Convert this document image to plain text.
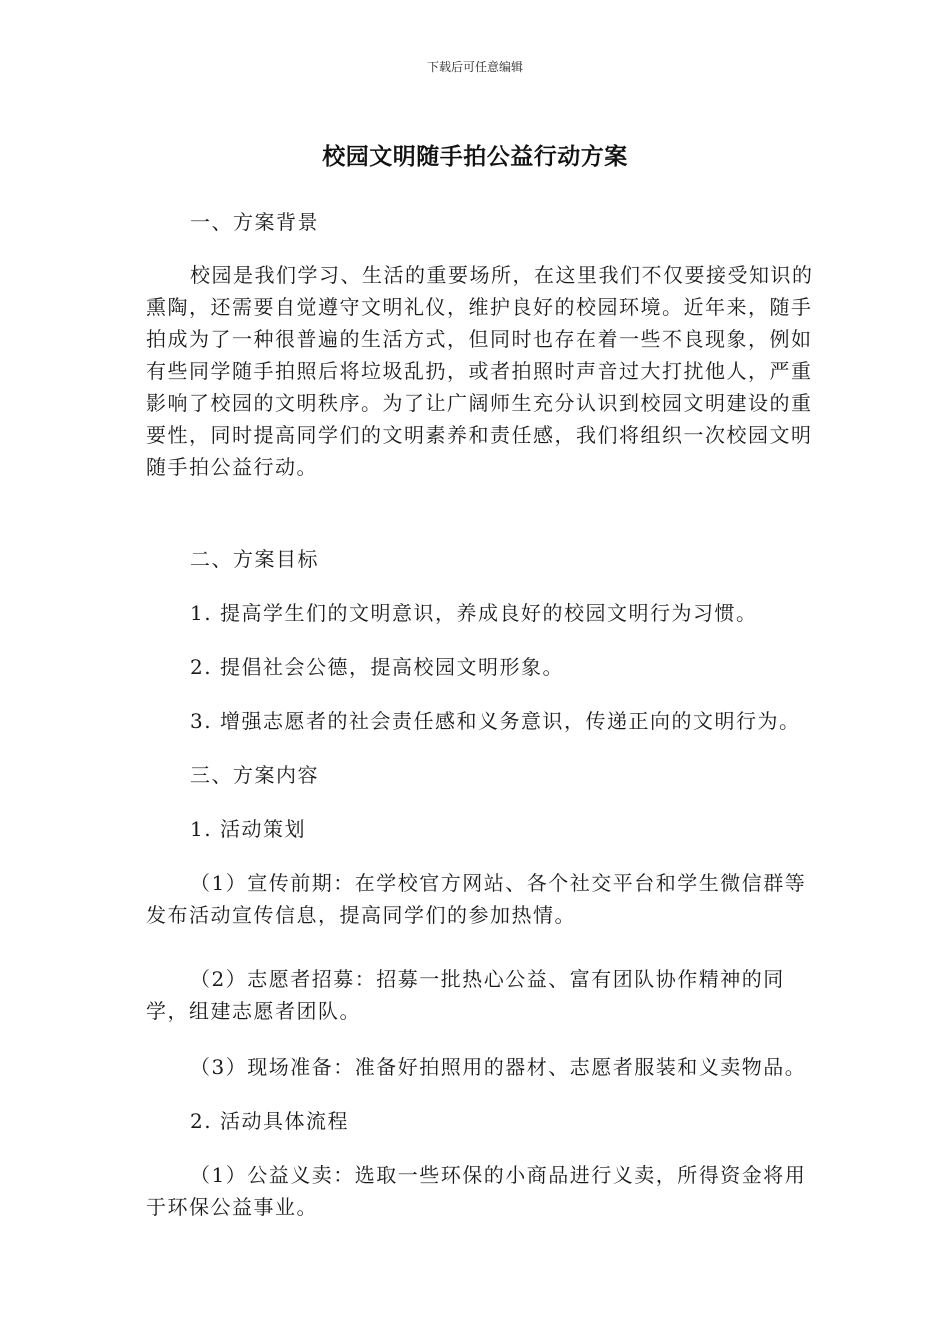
下载后可任意编辑
校园文明随手拍公益行动方案

一、方案背景

校园是我们学习、生活的重要场所，在这里我们不仅要接受知识的熏陶，还需要自觉遵守文明礼仪，维护良好的校园环境。近年来，随手拍成为了一种很普遍的生活方式，但同时也存在着一些不良现象，例如有些同学随手拍照后将垃圾乱扔，或者拍照时声音过大打扰他人，严重影响了校园的文明秩序。为了让广阔师生充分认识到校园文明建设的重要性，同时提高同学们的文明素养和责任感，我们将组织一次校园文明随手拍公益行动。

二、方案目标

1. 提高学生们的文明意识，养成良好的校园文明行为习惯。

2. 提倡社会公德，提高校园文明形象。

3. 增强志愿者的社会责任感和义务意识，传递正向的文明行为。

三、方案内容

1. 活动策划

（1）宣传前期：在学校官方网站、各个社交平台和学生微信群等发布活动宣传信息，提高同学们的参加热情。

（2）志愿者招募：招募一批热心公益、富有团队协作精神的同学，组建志愿者团队。

（3）现场准备：准备好拍照用的器材、志愿者服装和义卖物品。

2. 活动具体流程

（1）公益义卖：选取一些环保的小商品进行义卖，所得资金将用于环保公益事业。
